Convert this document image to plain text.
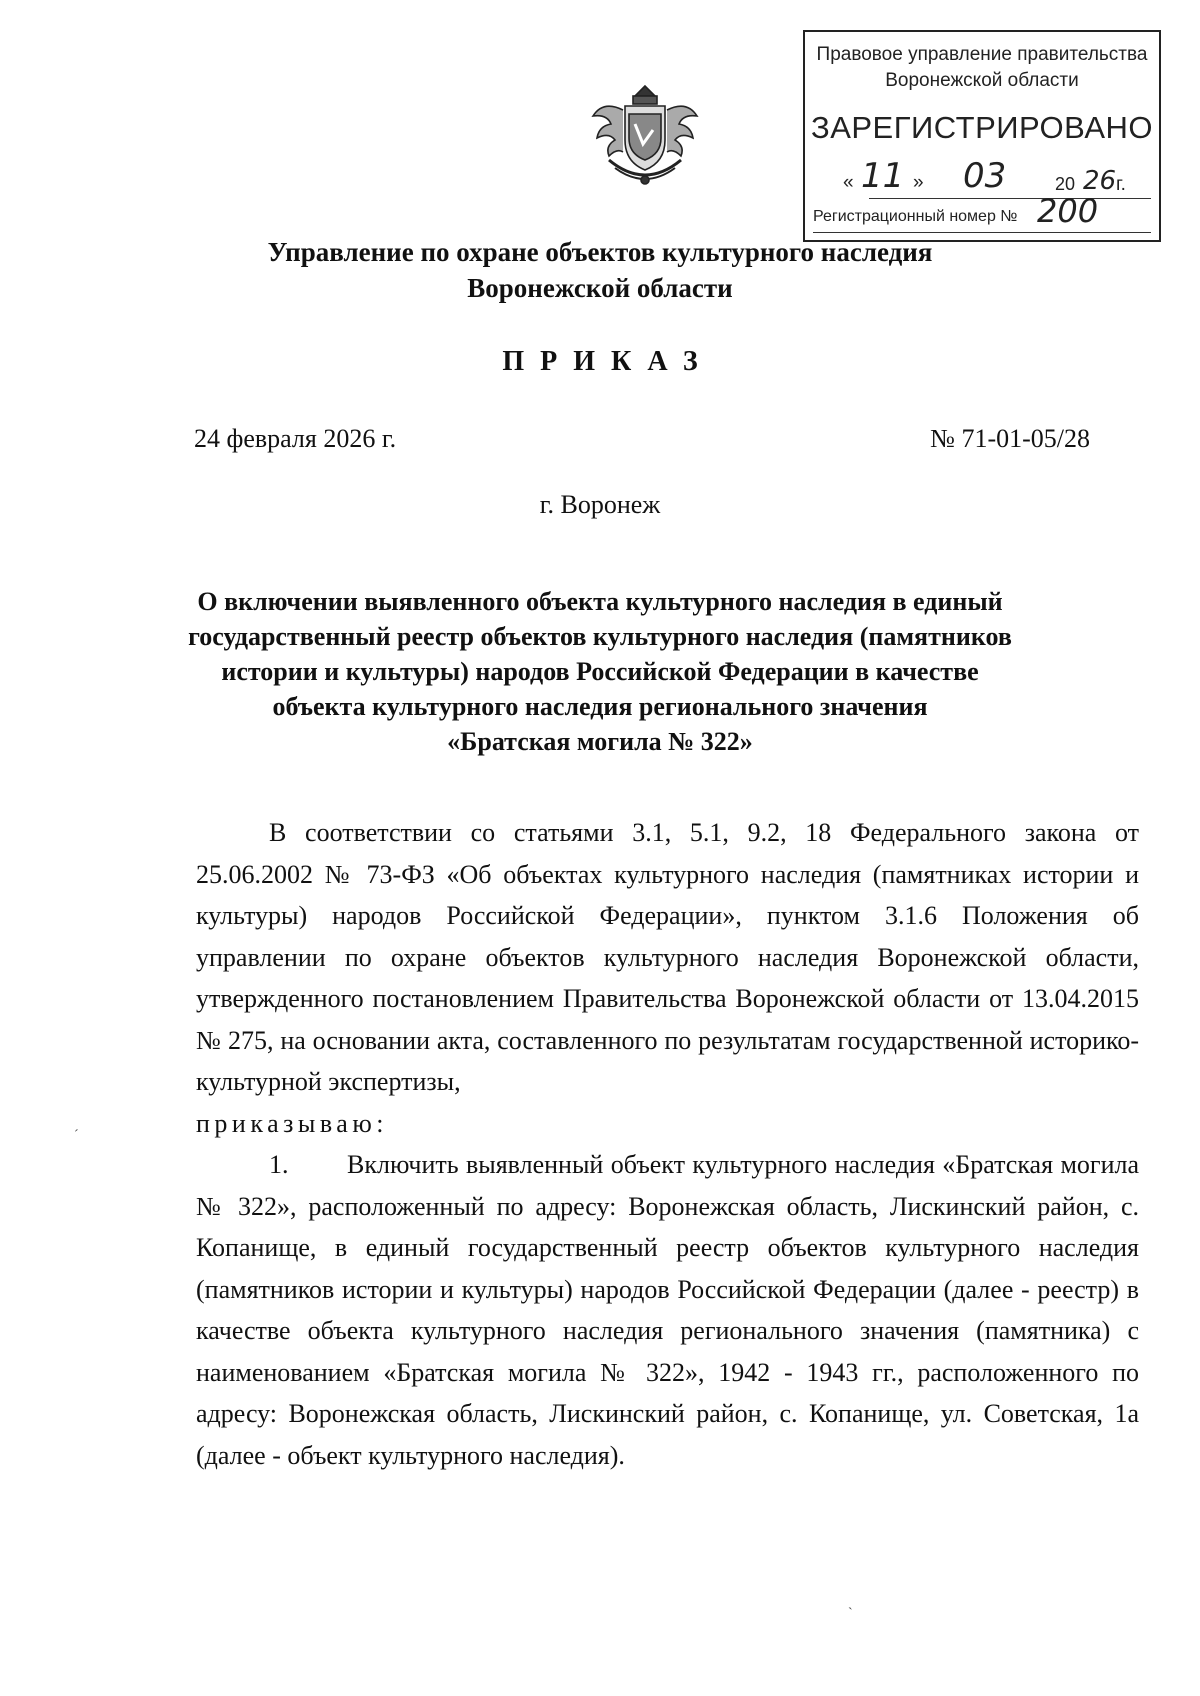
Правовое управление правительства
Воронежской области
ЗАРЕГИСТРИРОВАНО
« 11 » 03	20 26 г.
Регистрационный номер № 200
Управление по охране объектов культурного наследия
Воронежской области
ПРИКАЗ
24 февраля 2026 г.	№ 71-01-05/28
г. Воронеж
О включении выявленного объекта культурного наследия в единый
государственный реестр объектов культурного наследия (памятников
истории и культуры) народов Российской Федерации в качестве
объекта культурного наследия регионального значения
«Братская могила № 322»

В соответствии со статьями 3.1, 5.1, 9.2, 18 Федерального закона от 25.06.2002 № 73-ФЗ «Об объектах культурного наследия (памятниках истории и культуры) народов Российской Федерации», пунктом 3.1.6 Положения об управлении по охране объектов культурного наследия Воронежской области, утвержденного постановлением Правительства Воронежской области от 13.04.2015 № 275, на основании акта, составленного по результатам государственной историко-культурной экспертизы,

приказываю:

1. Включить выявленный объект культурного наследия «Братская могила № 322», расположенный по адресу: Воронежская область, Лискинский район, с. Копанище, в единый государственный реестр объектов культурного наследия (памятников истории и культуры) народов Российской Федерации (далее - реестр) в качестве объекта культурного наследия регионального значения (памятника) с наименованием «Братская могила № 322», 1942 - 1943 гг., расположенного по адресу: Воронежская область, Лискинский район, с. Копанище, ул. Советская, 1а (далее - объект культурного наследия).

ˊ
ˋ
